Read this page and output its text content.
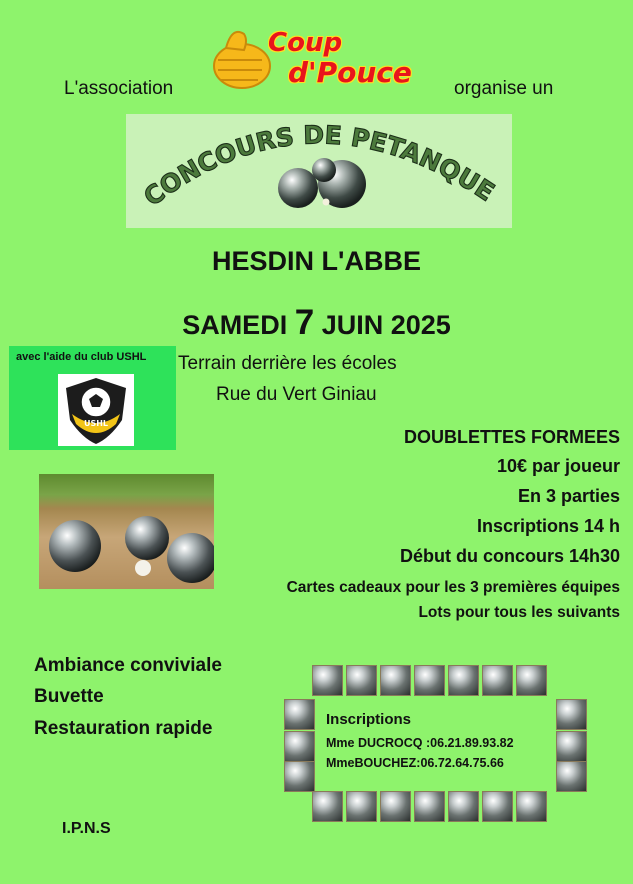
L'association
Coup
d'Pouce organise un
CONCOURS DE PETANQUE
HESDIN L'ABBE
SAMEDI 7 JUIN 2025
avec l'aide du club USHL
USHL
Terrain derrière les écoles
Rue du Vert Giniau
DOUBLETTES FORMEES
10€ par joueur
En 3 parties
Inscriptions 14 h
Début du concours 14h30
Cartes cadeaux pour les 3 premières équipes
Lots pour tous les suivants
Ambiance conviviale
Buvette
Restauration rapide
I.P.N.S
Inscriptions
Mme DUCROCQ :06.21.89.93.82
MmeBOUCHEZ:06.72.64.75.66
